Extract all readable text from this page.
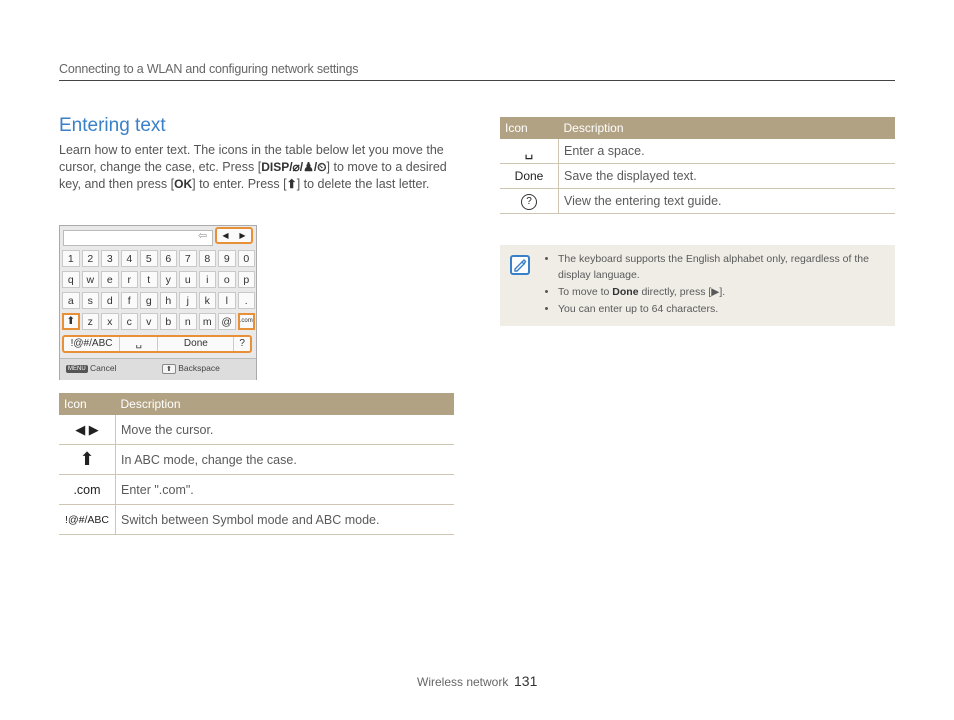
Connecting to a WLAN and configuring network settings
Entering text
Learn how to enter text. The icons in the table below let you move the cursor, change the case, etc. Press [DISP/⌀/♟/⏲] to move to a desired key, and then press [OK] to enter. Press [⬆] to delete the last letter.
⇦	◀	▶
1	2	3	4	5	6	7	8	9	0
q	w	e	r	t	y	u	i	o	p
a	s	d	f	g	h	j	k	l	.
⬆	z	x	c	v	b	n	m @	.com
!@#/ABC	␣	Done	?
MENU Cancel	⬆ Backspace
Icon	Description
◀ ▶	Move the cursor.
⬆	In ABC mode, change the case.
.com	Enter ".com".
!@#/ABC	Switch between Symbol mode and ABC mode.
Icon	Description
␣	Enter a space.
Done	Save the displayed text.
?	View the entering text guide.
• The keyboard supports the English alphabet only, regardless of the display language.
• To move to Done directly, press [▶].
• You can enter up to 64 characters.
Wireless network 131
